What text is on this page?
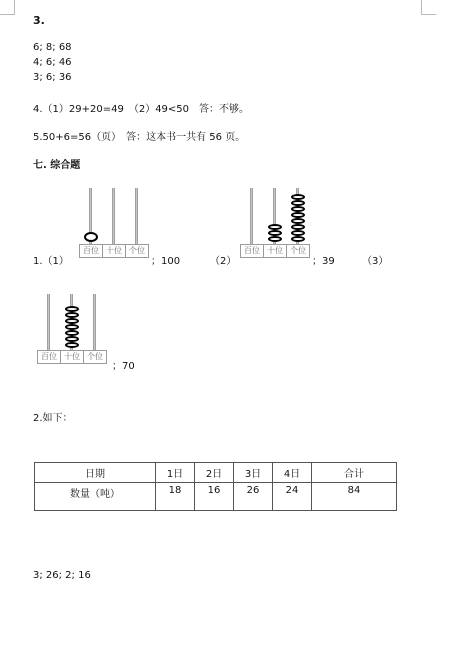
3.
6; 8; 68
4; 6; 46
3; 6; 36
4.（1）29+20=49　（2）49<50　答：不够。
5.50+6=56（页）　答：这本书一共有 56 页。
七. 综合题
百位 十位 个位
1.（1）	；100	（2）
百位 十位 个位
；39	（3）
百位 十位 个位
；70
2.如下：
日期	1日	2日	3日	4日	合计
数量（吨）	18	16	26	24	84
3; 26; 2; 16
